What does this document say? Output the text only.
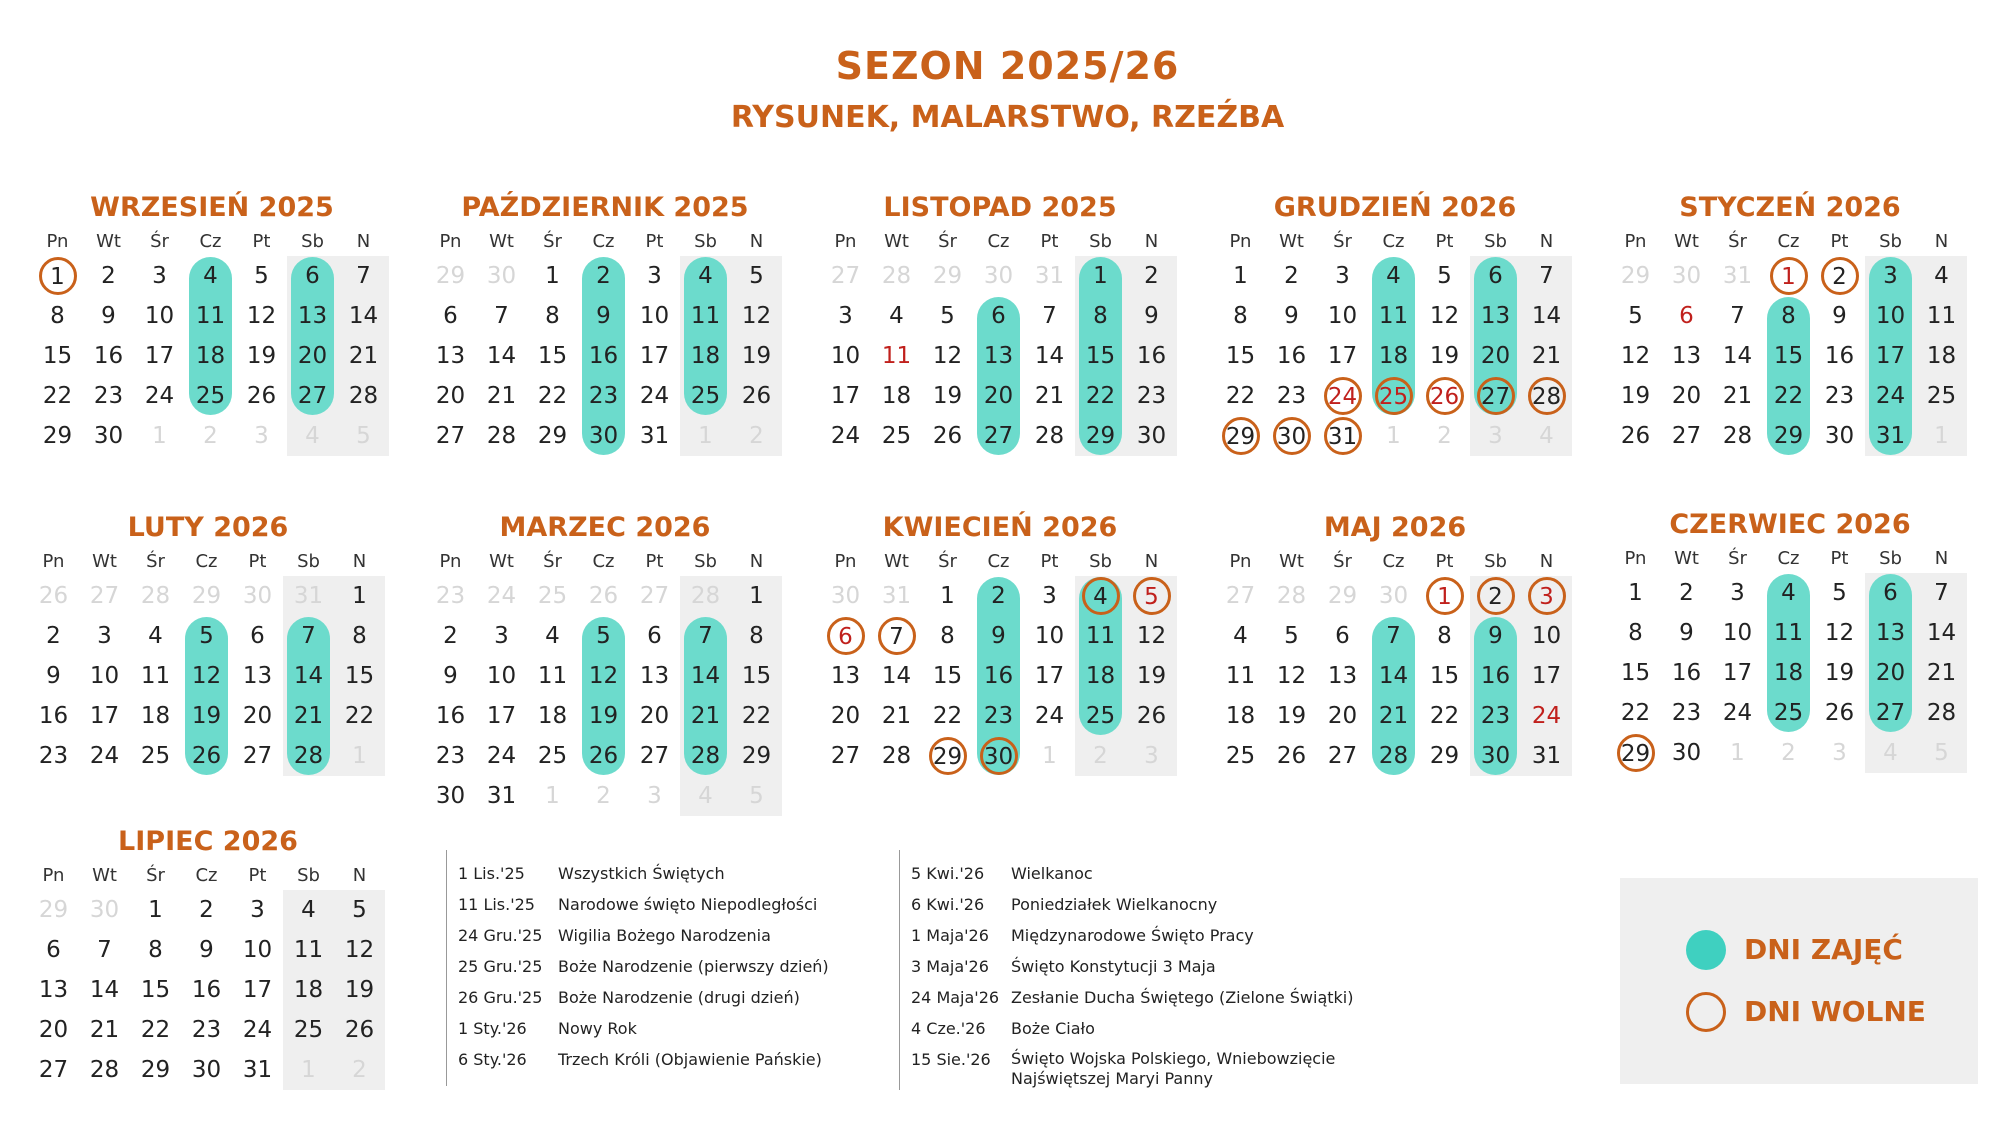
SEZON 2025/26
RYSUNEK, MALARSTWO, RZEŹBA
WRZESIEŃ 2025
Pn	Wt	Śr	Cz	Pt	Sb	N
1	2	3	4	5	6	7
8	9	10 11 12 13 14
15 16 17 18 19 20 21
22 23 24 25 26 27 28
29 30	1	2	3	4	5
PAŹDZIERNIK 2025
Pn	Wt	Śr	Cz	Pt	Sb	N
29 30	1	2	3	4	5
6	7	8	9	10 11 12
13 14 15 16 17 18 19
20 21 22 23 24 25 26
27 28 29 30 31	1	2
LISTOPAD 2025
Pn	Wt	Śr	Cz	Pt	Sb	N
27 28 29 30 31	1	2
3	4	5	6	7	8	9
10 11 12 13 14 15 16
17 18 19 20 21 22 23
24 25 26 27 28 29 30
GRUDZIEŃ 2026
Pn	Wt	Śr	Cz	Pt	Sb	N
1	2	3	4	5	6	7
8	9	10 11 12 13 14
15 16 17 18 19 20 21
22 23 24 25 26 27 28
29 30 31	1	2	3	4
STYCZEŃ 2026
Pn	Wt	Śr	Cz	Pt	Sb	N
29 30 31	1	2	3	4
5	6	7	8	9	10 11
12 13 14 15 16 17 18
19 20 21 22 23 24 25
26 27 28 29 30 31	1
LUTY 2026
Pn	Wt	Śr	Cz	Pt	Sb	N
26 27 28 29 30 31	1
2	3	4	5	6	7	8
9	10 11 12 13 14 15
16 17 18 19 20 21 22
23 24 25 26 27 28	1
MARZEC 2026
Pn	Wt	Śr	Cz	Pt	Sb	N
23 24 25 26 27 28	1
2	3	4	5	6	7	8
9	10 11 12 13 14 15
16 17 18 19 20 21 22
23 24 25 26 27 28 29
30 31	1	2	3	4	5
KWIECIEŃ 2026
Pn	Wt	Śr	Cz	Pt	Sb	N
30 31	1	2	3	4	5
6	7	8	9	10 11 12
13 14 15 16 17 18 19
20 21 22 23 24 25 26
27 28 29 30	1	2	3
MAJ 2026
Pn	Wt	Śr	Cz	Pt	Sb	N
27 28 29 30	1	2	3
4	5	6	7	8	9	10
11 12 13 14 15 16 17
18 19 20 21 22 23 24
25 26 27 28 29 30 31
CZERWIEC 2026
Pn	Wt	Śr	Cz	Pt	Sb	N
1	2	3	4	5	6	7
8	9	10 11 12 13 14
15 16 17 18 19 20 21
22 23 24 25 26 27 28
29 30	1	2	3	4	5
LIPIEC 2026
Pn	Wt	Śr	Cz	Pt	Sb	N
29 30	1	2	3	4	5
6	7	8	9	10 11 12
13 14 15 16 17 18 19
20 21 22 23 24 25 26
27 28 29 30 31	1	2
1 Lis.'25 Wszystkich Świętych
11 Lis.'25 Narodowe święto Niepodległości
24 Gru.'25 Wigilia Bożego Narodzenia
25 Gru.'25 Boże Narodzenie (pierwszy dzień)
26 Gru.'25 Boże Narodzenie (drugi dzień)
1 Sty.'26 Nowy Rok
6 Sty.'26 Trzech Króli (Objawienie Pańskie)
5 Kwi.'26 Wielkanoc
6 Kwi.'26 Poniedziałek Wielkanocny
1 Maja'26 Międzynarodowe Święto Pracy
3 Maja'26 Święto Konstytucji 3 Maja
24 Maja'26 Zesłanie Ducha Świętego (Zielone Świątki)
4 Cze.'26 Boże Ciało
15 Sie.'26 Święto Wojska Polskiego, Wniebowzięcie Najświętszej Maryi Panny
DNI ZAJĘĆ
DNI WOLNE
